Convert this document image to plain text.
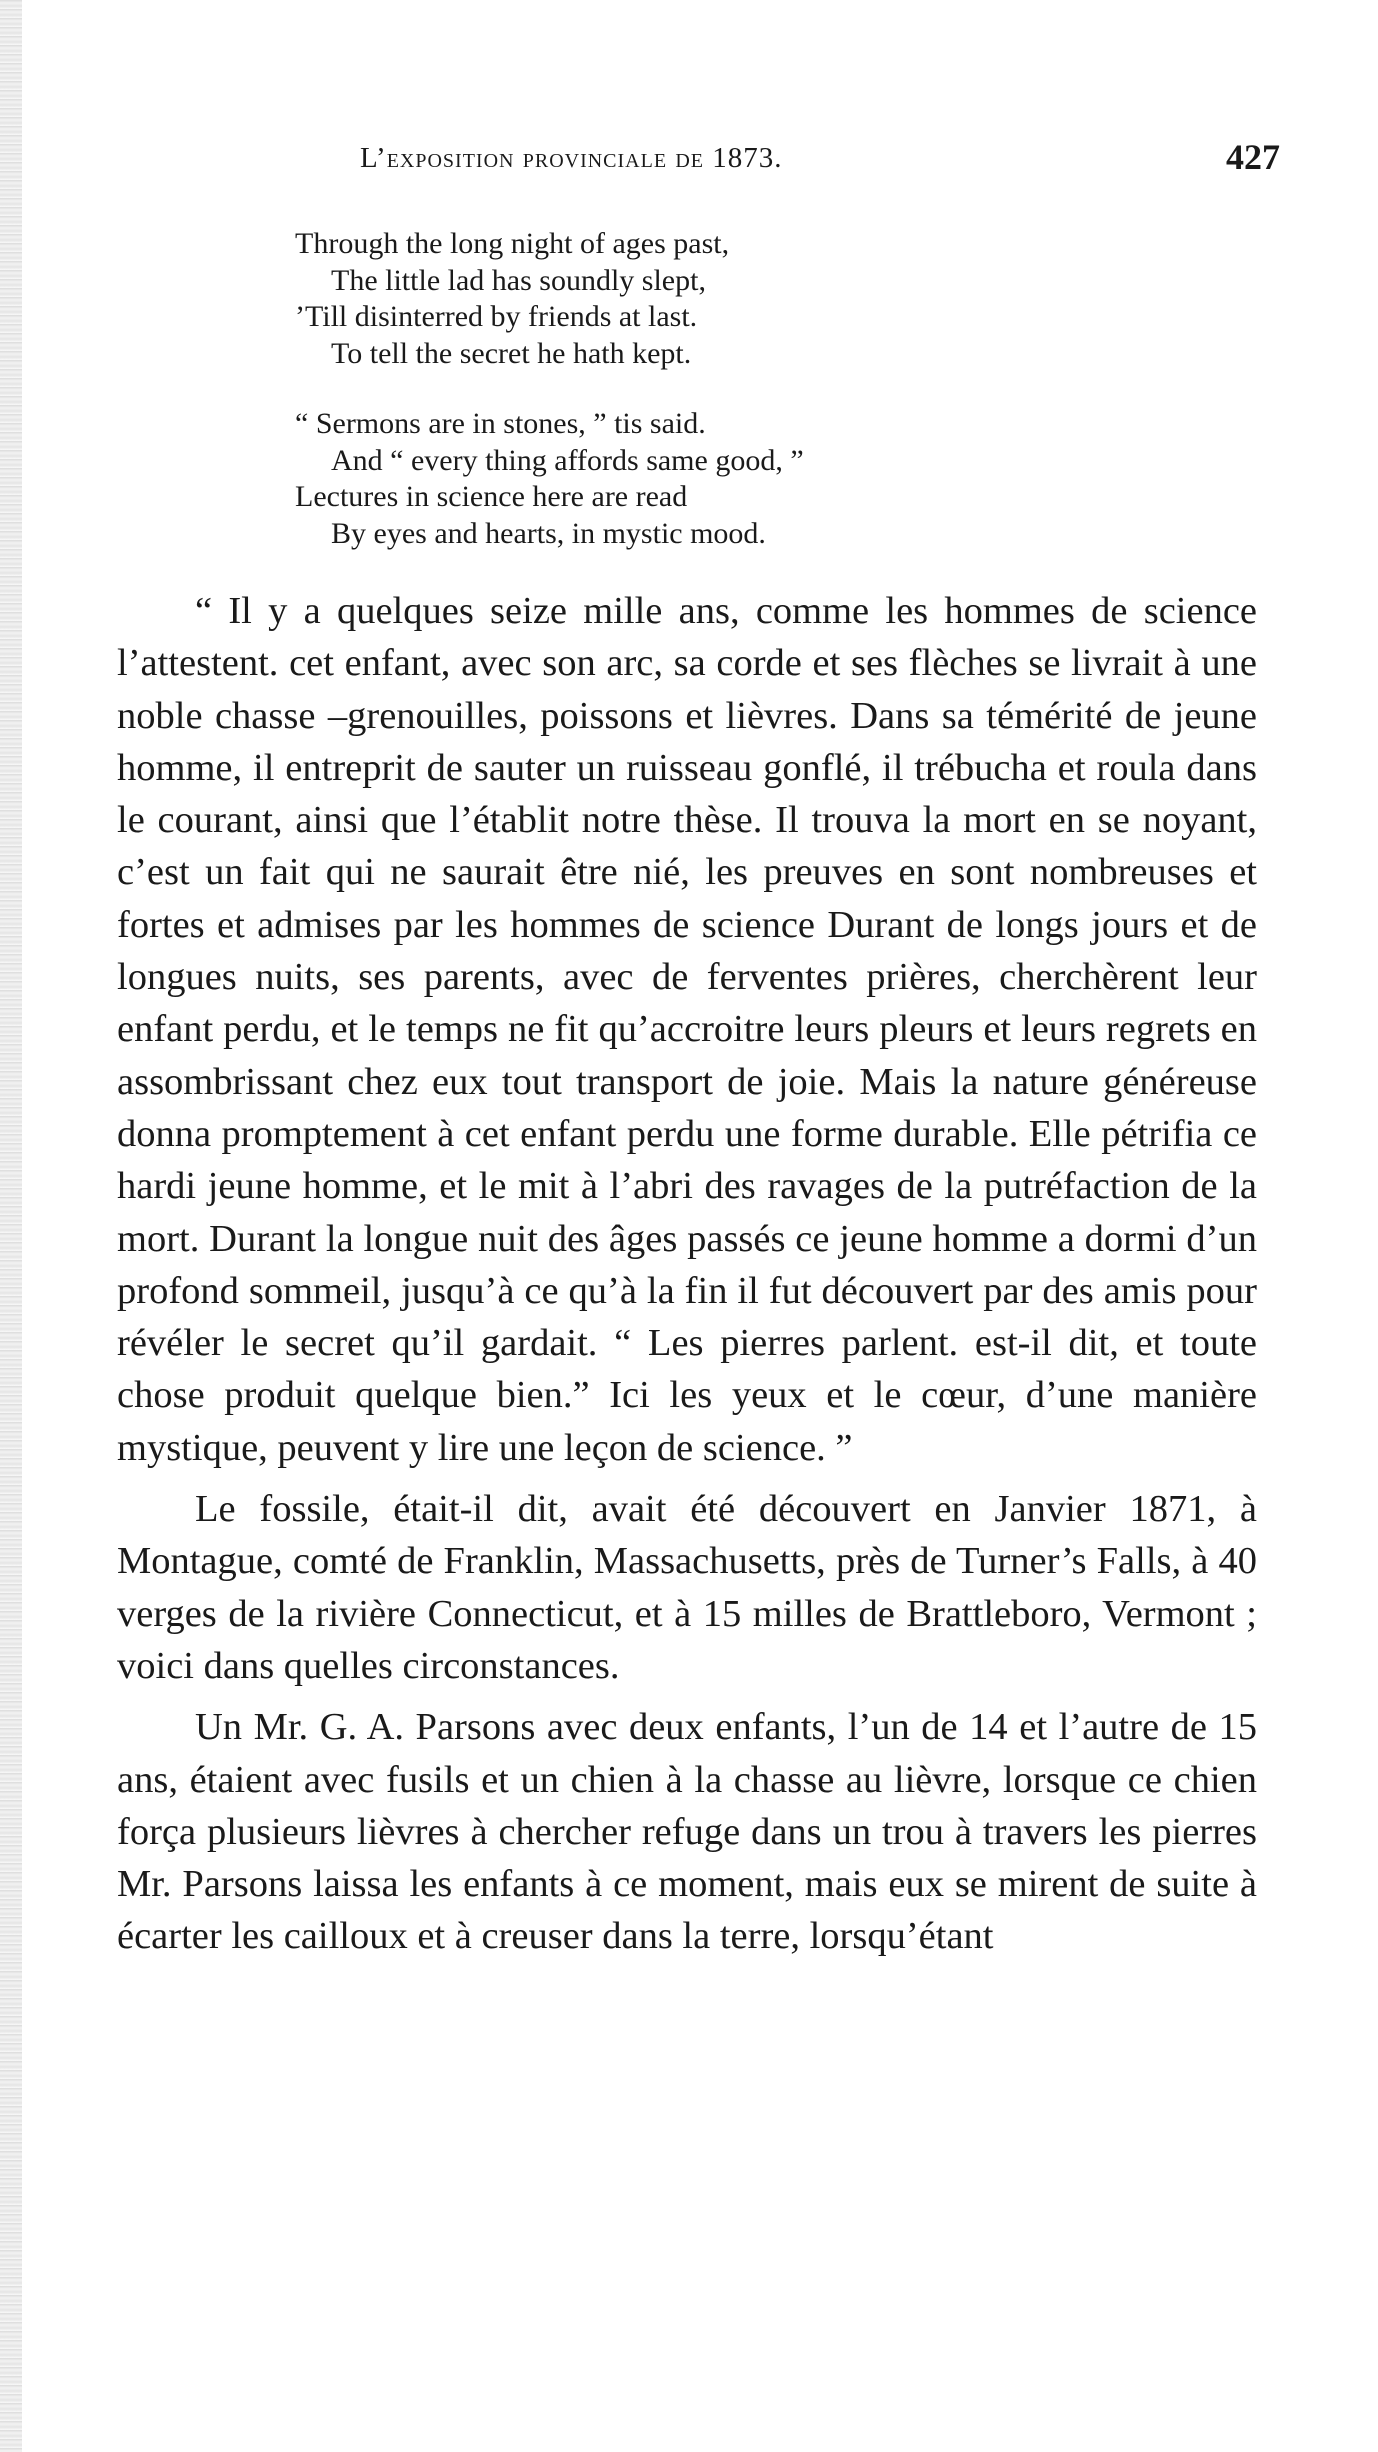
L’exposition provinciale de 1873.	427
Through the long night of ages past,
The little lad has soundly slept,
’Till disinterred by friends at last.
To tell the secret he hath kept.
“ Sermons are in stones, ” tis said.
And “ every thing affords same good, ”
Lectures in science here are read
By eyes and hearts, in mystic mood.

“ Il y a quelques seize mille ans, comme les hommes de science l’attestent. cet enfant, avec son arc, sa corde et ses flèches se livrait à une noble chasse –grenouilles, poissons et lièvres. Dans sa témérité de jeune homme, il entreprit de sauter un ruisseau gonflé, il trébucha et roula dans le courant, ainsi que l’établit notre thèse. Il trouva la mort en se noyant, c’est un fait qui ne saurait être nié, les preuves en sont nombreuses et fortes et admises par les hommes de science Durant de longs jours et de longues nuits, ses parents, avec de ferventes prières, cherchèrent leur enfant perdu, et le temps ne fit qu’accroitre leurs pleurs et leurs regrets en assombrissant chez eux tout transport de joie. Mais la nature généreuse donna promptement à cet enfant perdu une forme durable. Elle pétrifia ce hardi jeune homme, et le mit à l’abri des ravages de la putréfaction de la mort. Durant la longue nuit des âges passés ce jeune homme a dormi d’un profond sommeil, jusqu’à ce qu’à la fin il fut découvert par des amis pour révéler le secret qu’il gardait. “ Les pierres parlent. est-il dit, et toute chose produit quelque bien.” Ici les yeux et le cœur, d’une manière mystique, peuvent y lire une leçon de science. ”

Le fossile, était-il dit, avait été découvert en Janvier 1871, à Montague, comté de Franklin, Massachusetts, près de Turner’s Falls, à 40 verges de la rivière Connecticut, et à 15 milles de Brattleboro, Vermont ; voici dans quelles circonstances.

Un Mr. G. A. Parsons avec deux enfants, l’un de 14 et l’autre de 15 ans, étaient avec fusils et un chien à la chasse au lièvre, lorsque ce chien força plusieurs lièvres à chercher refuge dans un trou à travers les pierres Mr. Parsons laissa les enfants à ce moment, mais eux se mirent de suite à écarter les cailloux et à creuser dans la terre, lorsqu’étant
